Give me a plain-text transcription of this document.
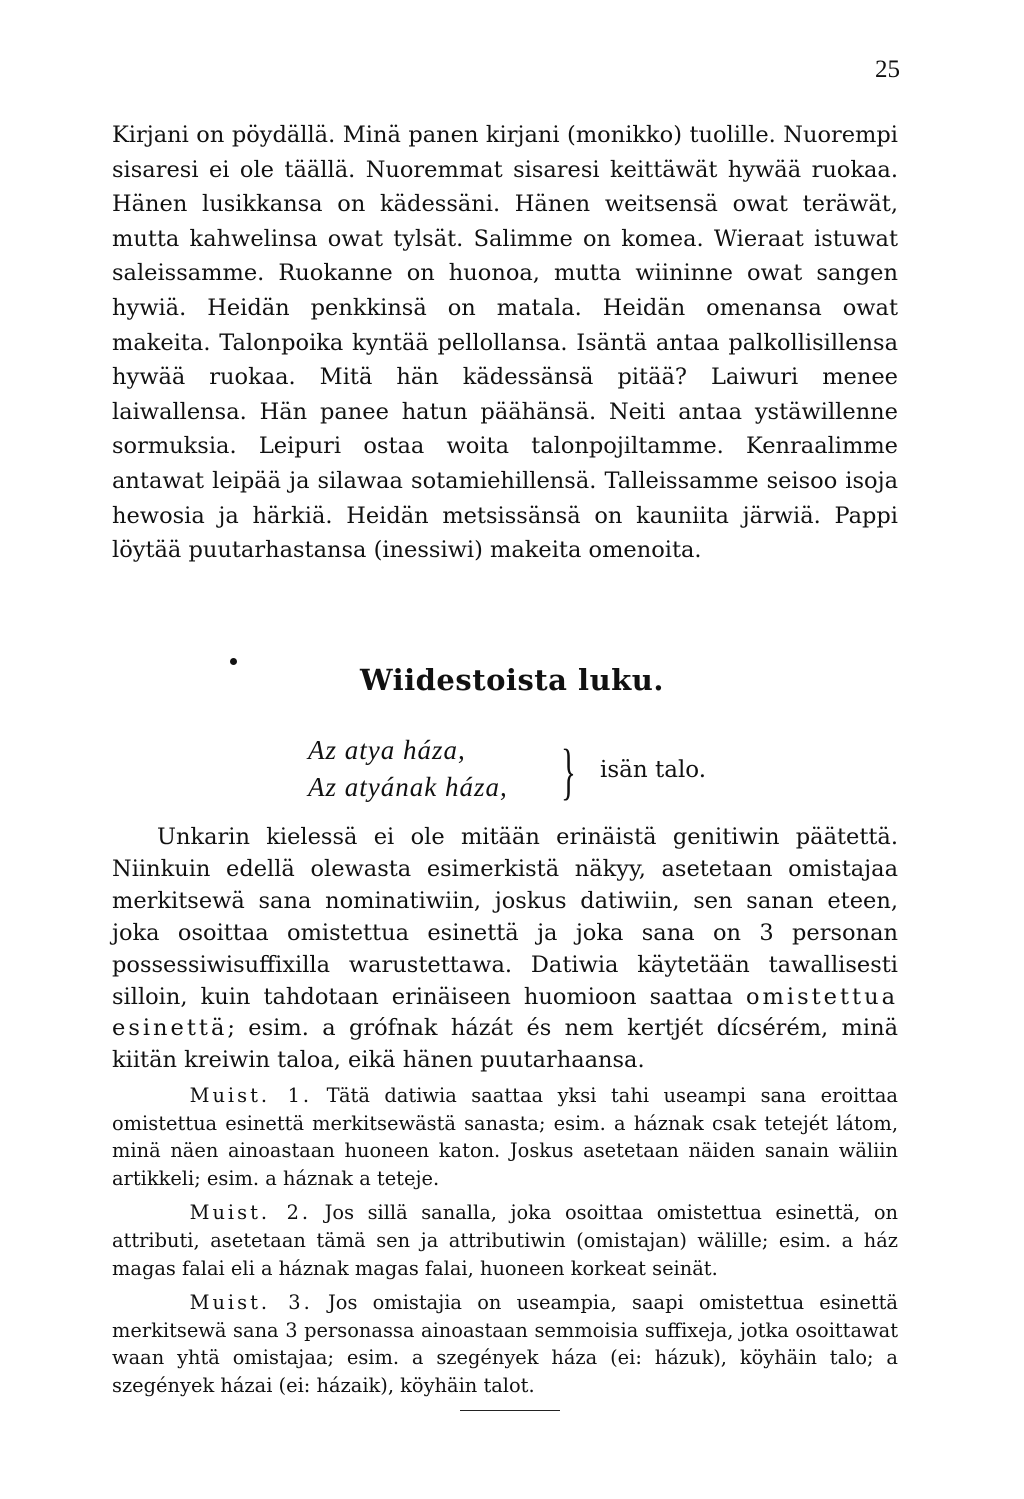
25

Kirjani on pöydällä. Minä panen kirjani (monikko) tuolille. Nuorempi sisaresi ei ole täällä. Nuoremmat sisaresi keittäwät hywää ruokaa. Hänen lusikkansa on kädessäni. Hänen weitsensä owat teräwät, mutta kahwelinsa owat tylsät. Salimme on komea. Wieraat istuwat saleissamme. Ruokanne on huonoa, mutta wiininne owat sangen hywiä. Heidän penkkinsä on matala. Heidän omenansa owat makeita. Talonpoika kyntää pellollansa. Isäntä antaa palkollisillensa hywää ruokaa. Mitä hän kädessänsä pitää? Laiwuri menee laiwallensa. Hän panee hatun päähänsä. Neiti antaa ystäwillenne sormuksia. Leipuri ostaa woita talonpojiltamme. Kenraalimme antawat leipää ja silawaa sotamiehillensä. Talleissamme seisoo isoja hewosia ja härkiä. Heidän metsissänsä on kauniita järwiä. Pappi löytää puutarhastansa (inessiwi) makeita omenoita.

Wiidestoista luku.
Az atya háza,
Az atyának háza, } isän talo.

Unkarin kielessä ei ole mitään erinäistä genitiwin päätettä. Niinkuin edellä olewasta esimerkistä näkyy, asetetaan omistajaa merkitsewä sana nominatiwiin, joskus datiwiin, sen sanan eteen, joka osoittaa omistettua esinettä ja joka sana on 3 personan possessiwisuffixilla warustettawa. Datiwia käytetään tawallisesti silloin, kuin tahdotaan erinäiseen huomioon saattaa omistettua esinettä; esim. a grófnak házát és nem kertjét dícsérém, minä kiitän kreiwin taloa, eikä hänen puutarhaansa.

Muist. 1. Tätä datiwia saattaa yksi tahi useampi sana eroittaa omistettua esinettä merkitsewästä sanasta; esim. a háznak csak tetejét látom, minä näen ainoastaan huoneen katon. Joskus asetetaan näiden sanain wäliin artikkeli; esim. a háznak a teteje.

Muist. 2. Jos sillä sanalla, joka osoittaa omistettua esinettä, on attributi, asetetaan tämä sen ja attributiwin (omistajan) wälille; esim. a ház magas falai eli a háznak magas falai, huoneen korkeat seinät.

Muist. 3. Jos omistajia on useampia, saapi omistettua esinettä merkitsewä sana 3 personassa ainoastaan semmoisia suffixeja, jotka osoittawat waan yhtä omistajaa; esim. a szegények háza (ei: házuk), köyhäin talo; a szegények házai (ei: házaik), köyhäin talot.
